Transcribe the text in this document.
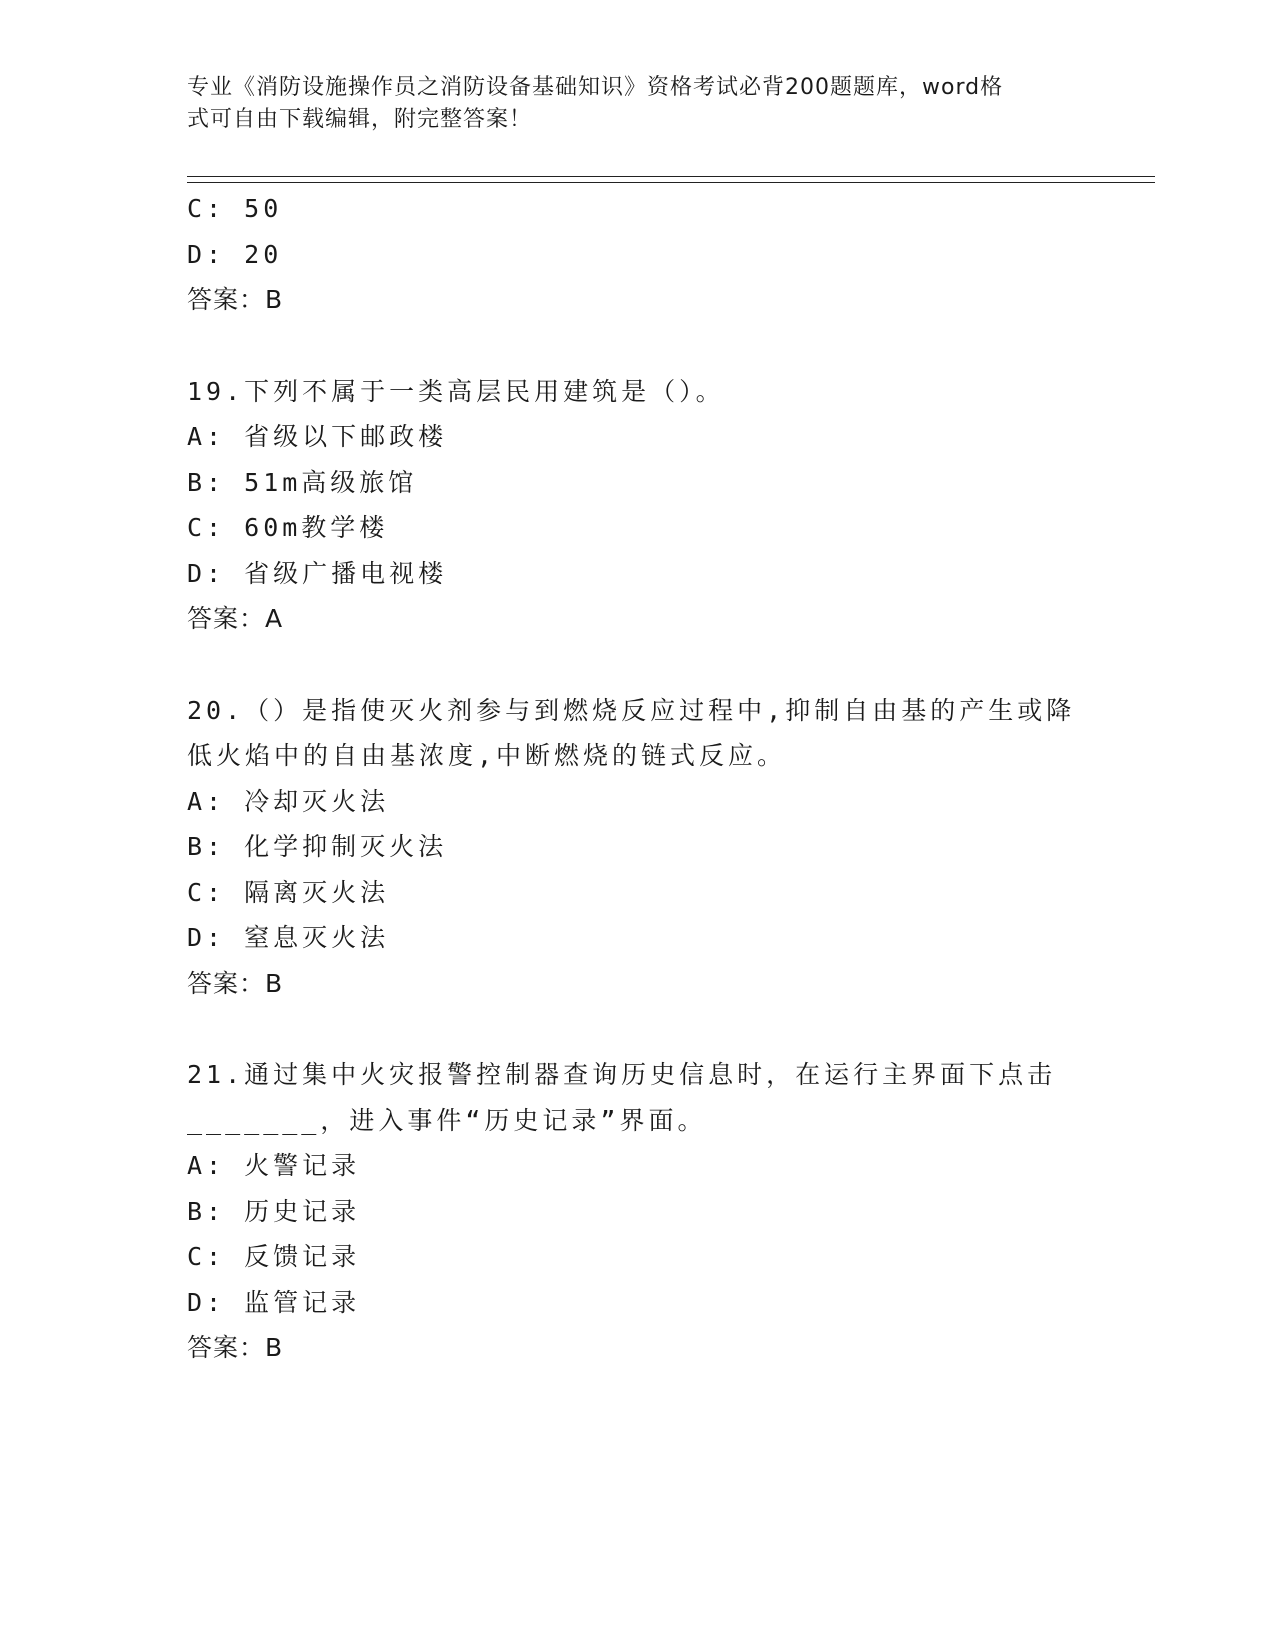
专业《消防设施操作员之消防设备基础知识》资格考试必背200题题库，word格
式可自由下载编辑，附完整答案！
C: 50
D: 20
答案：B
19.下列不属于一类高层民用建筑是（）。
A: 省级以下邮政楼
B: 51m高级旅馆
C: 60m教学楼
D: 省级广播电视楼
答案：A
20.（）是指使灭火剂参与到燃烧反应过程中,抑制自由基的产生或降
低火焰中的自由基浓度,中断燃烧的链式反应。
A: 冷却灭火法
B: 化学抑制灭火法
C: 隔离灭火法
D: 窒息灭火法
答案：B
21.通过集中火灾报警控制器查询历史信息时，在运行主界面下点击
_______，进入事件“历史记录”界面。
A: 火警记录
B: 历史记录
C: 反馈记录
D: 监管记录
答案：B
